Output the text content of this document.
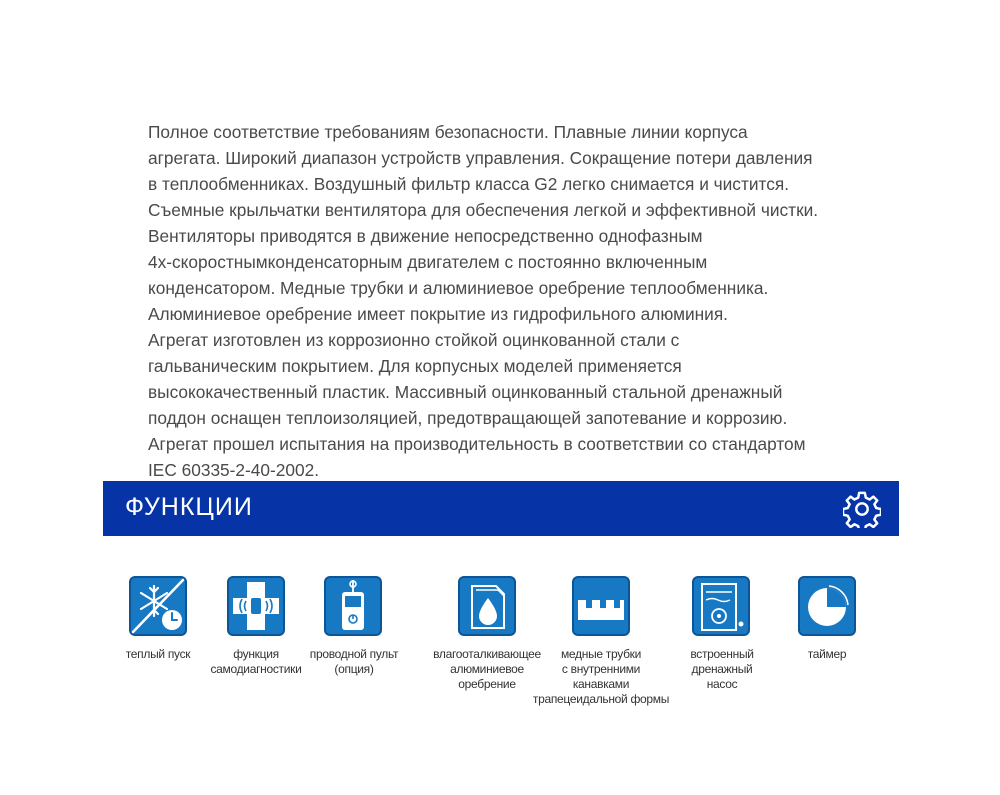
Полное соответствие требованиям безопасности. Плавные линии корпуса
агрегата. Широкий диапазон устройств управления. Сокращение потери давления
в теплообменниках. Воздушный фильтр класса G2 легко снимается и чистится.
Съемные крыльчатки вентилятора для обеспечения легкой и эффективной чистки.
Вентиляторы приводятся в движение непосредственно однофазным
4х-скоростнымконденсаторным двигателем с постоянно включенным
конденсатором. Медные трубки и алюминиевое оребрение теплообменника.
Алюминиевое оребрение имеет покрытие из гидрофильного алюминия.
Агрегат изготовлен из коррозионно стойкой оцинкованной стали с
гальваническим покрытием. Для корпусных моделей применяется
высококачественный пластик. Массивный оцинкованный стальной дренажный
поддон оснащен теплоизоляцией, предотвращающей запотевание и коррозию.
Агрегат прошел испытания на производительность в соответствии со стандартом
IEC 60335-2-40-2002.

ФУНКЦИИ
теплый пуск	функция
самодиагностики
проводной пульт
(опция)
влагооталкивающее
алюминиевое
оребрение
медные трубки
с внутренними
канавками
трапецеидальной формы
встроенный
дренажный
насос
таймер
